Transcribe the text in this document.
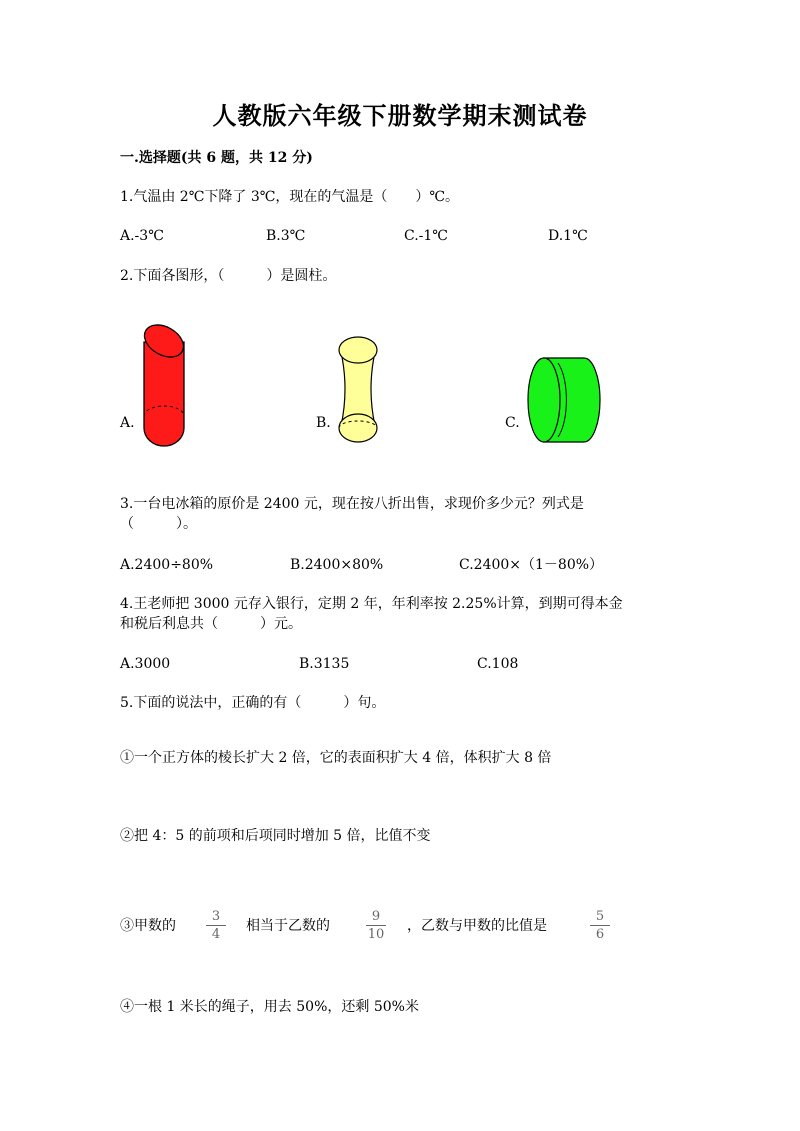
人教版六年级下册数学期末测试卷
一.选择题(共 6 题，共 12 分)
1.气温由 2℃下降了 3℃，现在的气温是（　　）℃。
A.-3℃	B.3℃	C.-1℃	D.1℃
2.下面各图形，（　　　）是圆柱。
A.	B.	C.
3.一台电冰箱的原价是 2400 元，现在按八折出售，求现价多少元？列式是
（　　　）。
A.2400÷80%	B.2400×80%	C.2400×（1－80%）
4.王老师把 3000 元存入银行，定期 2 年，年利率按 2.25%计算，到期可得本金
和税后利息共（　　　）元。
A.3000	B.3135	C.108
5.下面的说法中，正确的有（　　　）句。
①一个正方体的棱长扩大 2 倍，它的表面积扩大 4 倍，体积扩大 8 倍
②把 4：5 的前项和后项同时增加 5 倍，比值不变
③甲数的
3
4
相当于乙数的
9
10
，乙数与甲数的比值是
5
6
④一根 1 米长的绳子，用去 50%，还剩 50%米
